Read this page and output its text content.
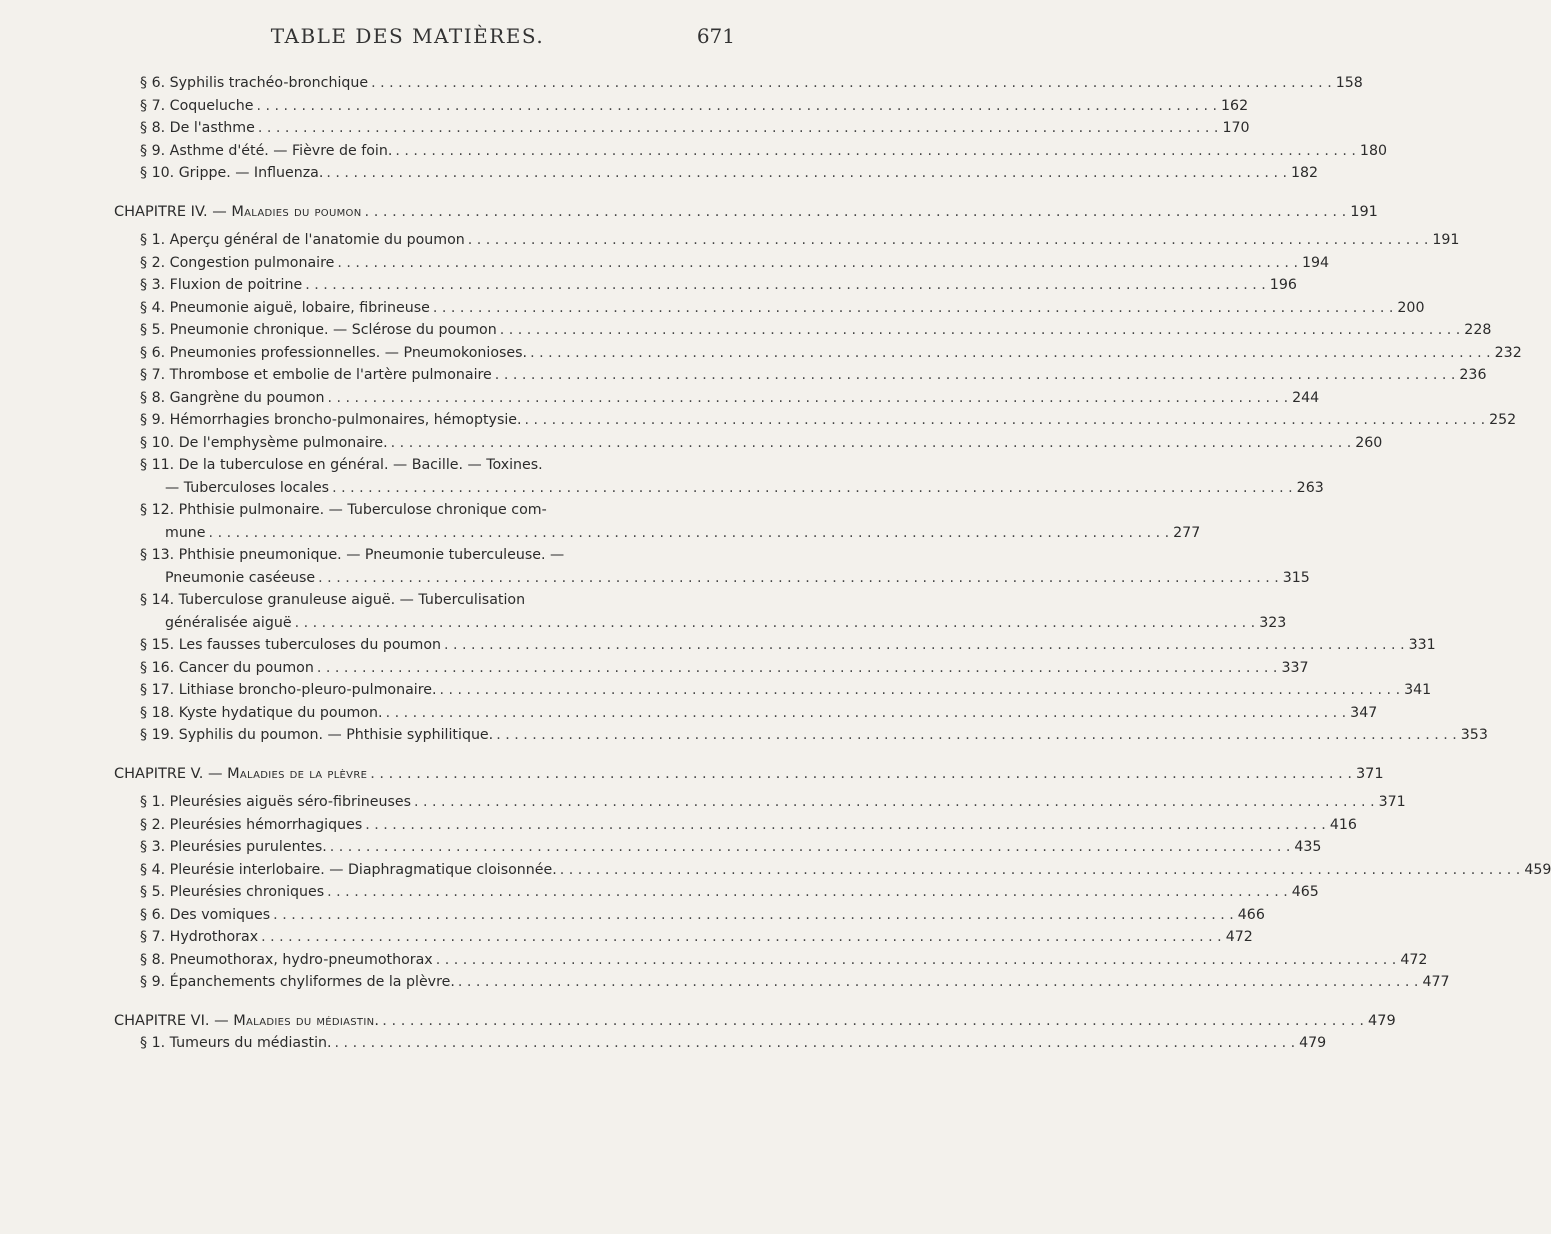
TABLE DES MATIÈRES.	671
§ 6. Syphilis trachéo-bronchique . . .	158
§ 7. Coqueluche . . .	162
§ 8. De l'asthme . . .	170
§ 9. Asthme d'été. — Fièvre de foin. . . .	180
§ 10. Grippe. — Influenza. . . .	182
CHAPITRE IV. — Maladies du poumon . . .	191
§ 1. Aperçu général de l'anatomie du poumon . . .	191
§ 2. Congestion pulmonaire . . .	194
§ 3. Fluxion de poitrine . . .	196
§ 4. Pneumonie aiguë, lobaire, fibrineuse . . .	200
§ 5. Pneumonie chronique. — Sclérose du poumon . . .	228
§ 6. Pneumonies professionnelles. — Pneumokonioses. . . .	232
§ 7. Thrombose et embolie de l'artère pulmonaire . . .	236
§ 8. Gangrène du poumon . . .	244
§ 9. Hémorrhagies broncho-pulmonaires, hémoptysie. . . .	252
§ 10. De l'emphysème pulmonaire. . . .	260
§ 11. De la tuberculose en général. — Bacille. — Toxines.
— Tuberculoses locales . . .	263
§ 12. Phthisie pulmonaire. — Tuberculose chronique com-
mune . . .	277
§ 13. Phthisie pneumonique. — Pneumonie tuberculeuse. —
Pneumonie caséeuse . . .	315
§ 14. Tuberculose granuleuse aiguë. — Tuberculisation
généralisée aiguë . . .	323
§ 15. Les fausses tuberculoses du poumon . . .	331
§ 16. Cancer du poumon . . .	337
§ 17. Lithiase broncho-pleuro-pulmonaire. . . .	341
§ 18. Kyste hydatique du poumon. . . .	347
§ 19. Syphilis du poumon. — Phthisie syphilitique. . . .	353
CHAPITRE V. — Maladies de la plèvre . . .	371
§ 1. Pleurésies aiguës séro-fibrineuses . . .	371
§ 2. Pleurésies hémorrhagiques . . .	416
§ 3. Pleurésies purulentes. . . .	435
§ 4. Pleurésie interlobaire. — Diaphragmatique cloisonnée. . . .	459
§ 5. Pleurésies chroniques . . .	465
§ 6. Des vomiques . . .	466
§ 7. Hydrothorax . . .	472
§ 8. Pneumothorax, hydro-pneumothorax . . .	472
§ 9. Épanchements chyliformes de la plèvre. . . .	477
CHAPITRE VI. — Maladies du médiastin. . . .	479
§ 1. Tumeurs du médiastin. . . .	479
